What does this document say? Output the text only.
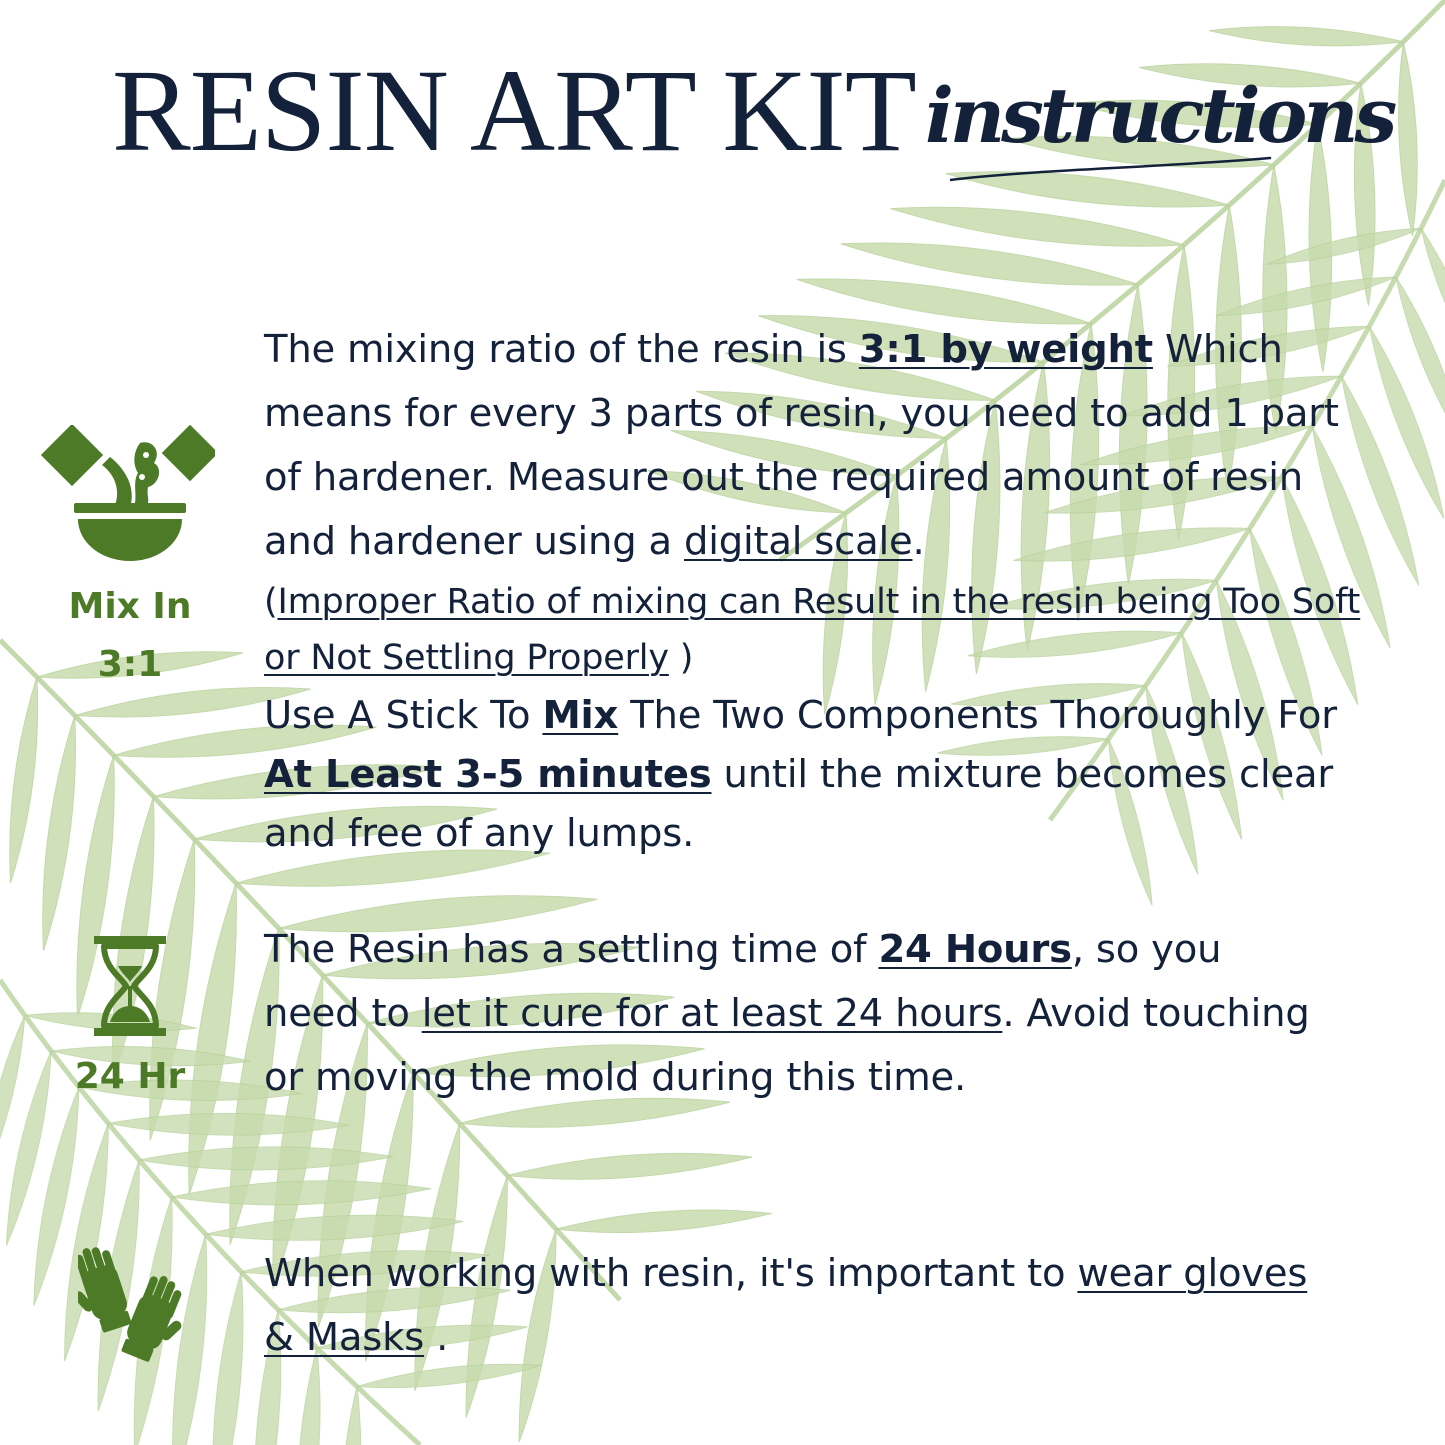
RESIN ART KIT instructions

Mix In
3:1

The mixing ratio of the resin is 3:1 by weight Which means for every 3 parts of resin, you need to add 1 part of hardener. Measure out the required amount of resin and hardener using a digital scale.
(Improper Ratio of mixing can Result in the resin being Too Soft or Not Settling Properly )
Use A Stick To Mix The Two Components Thoroughly For At Least 3-5 minutes until the mixture becomes clear and free of any lumps.

24 Hr

The Resin has a settling time of 24 Hours, so you need to let it cure for at least 24 hours. Avoid touching or moving the mold during this time.
When working with resin, it's important to wear gloves & Masks .
